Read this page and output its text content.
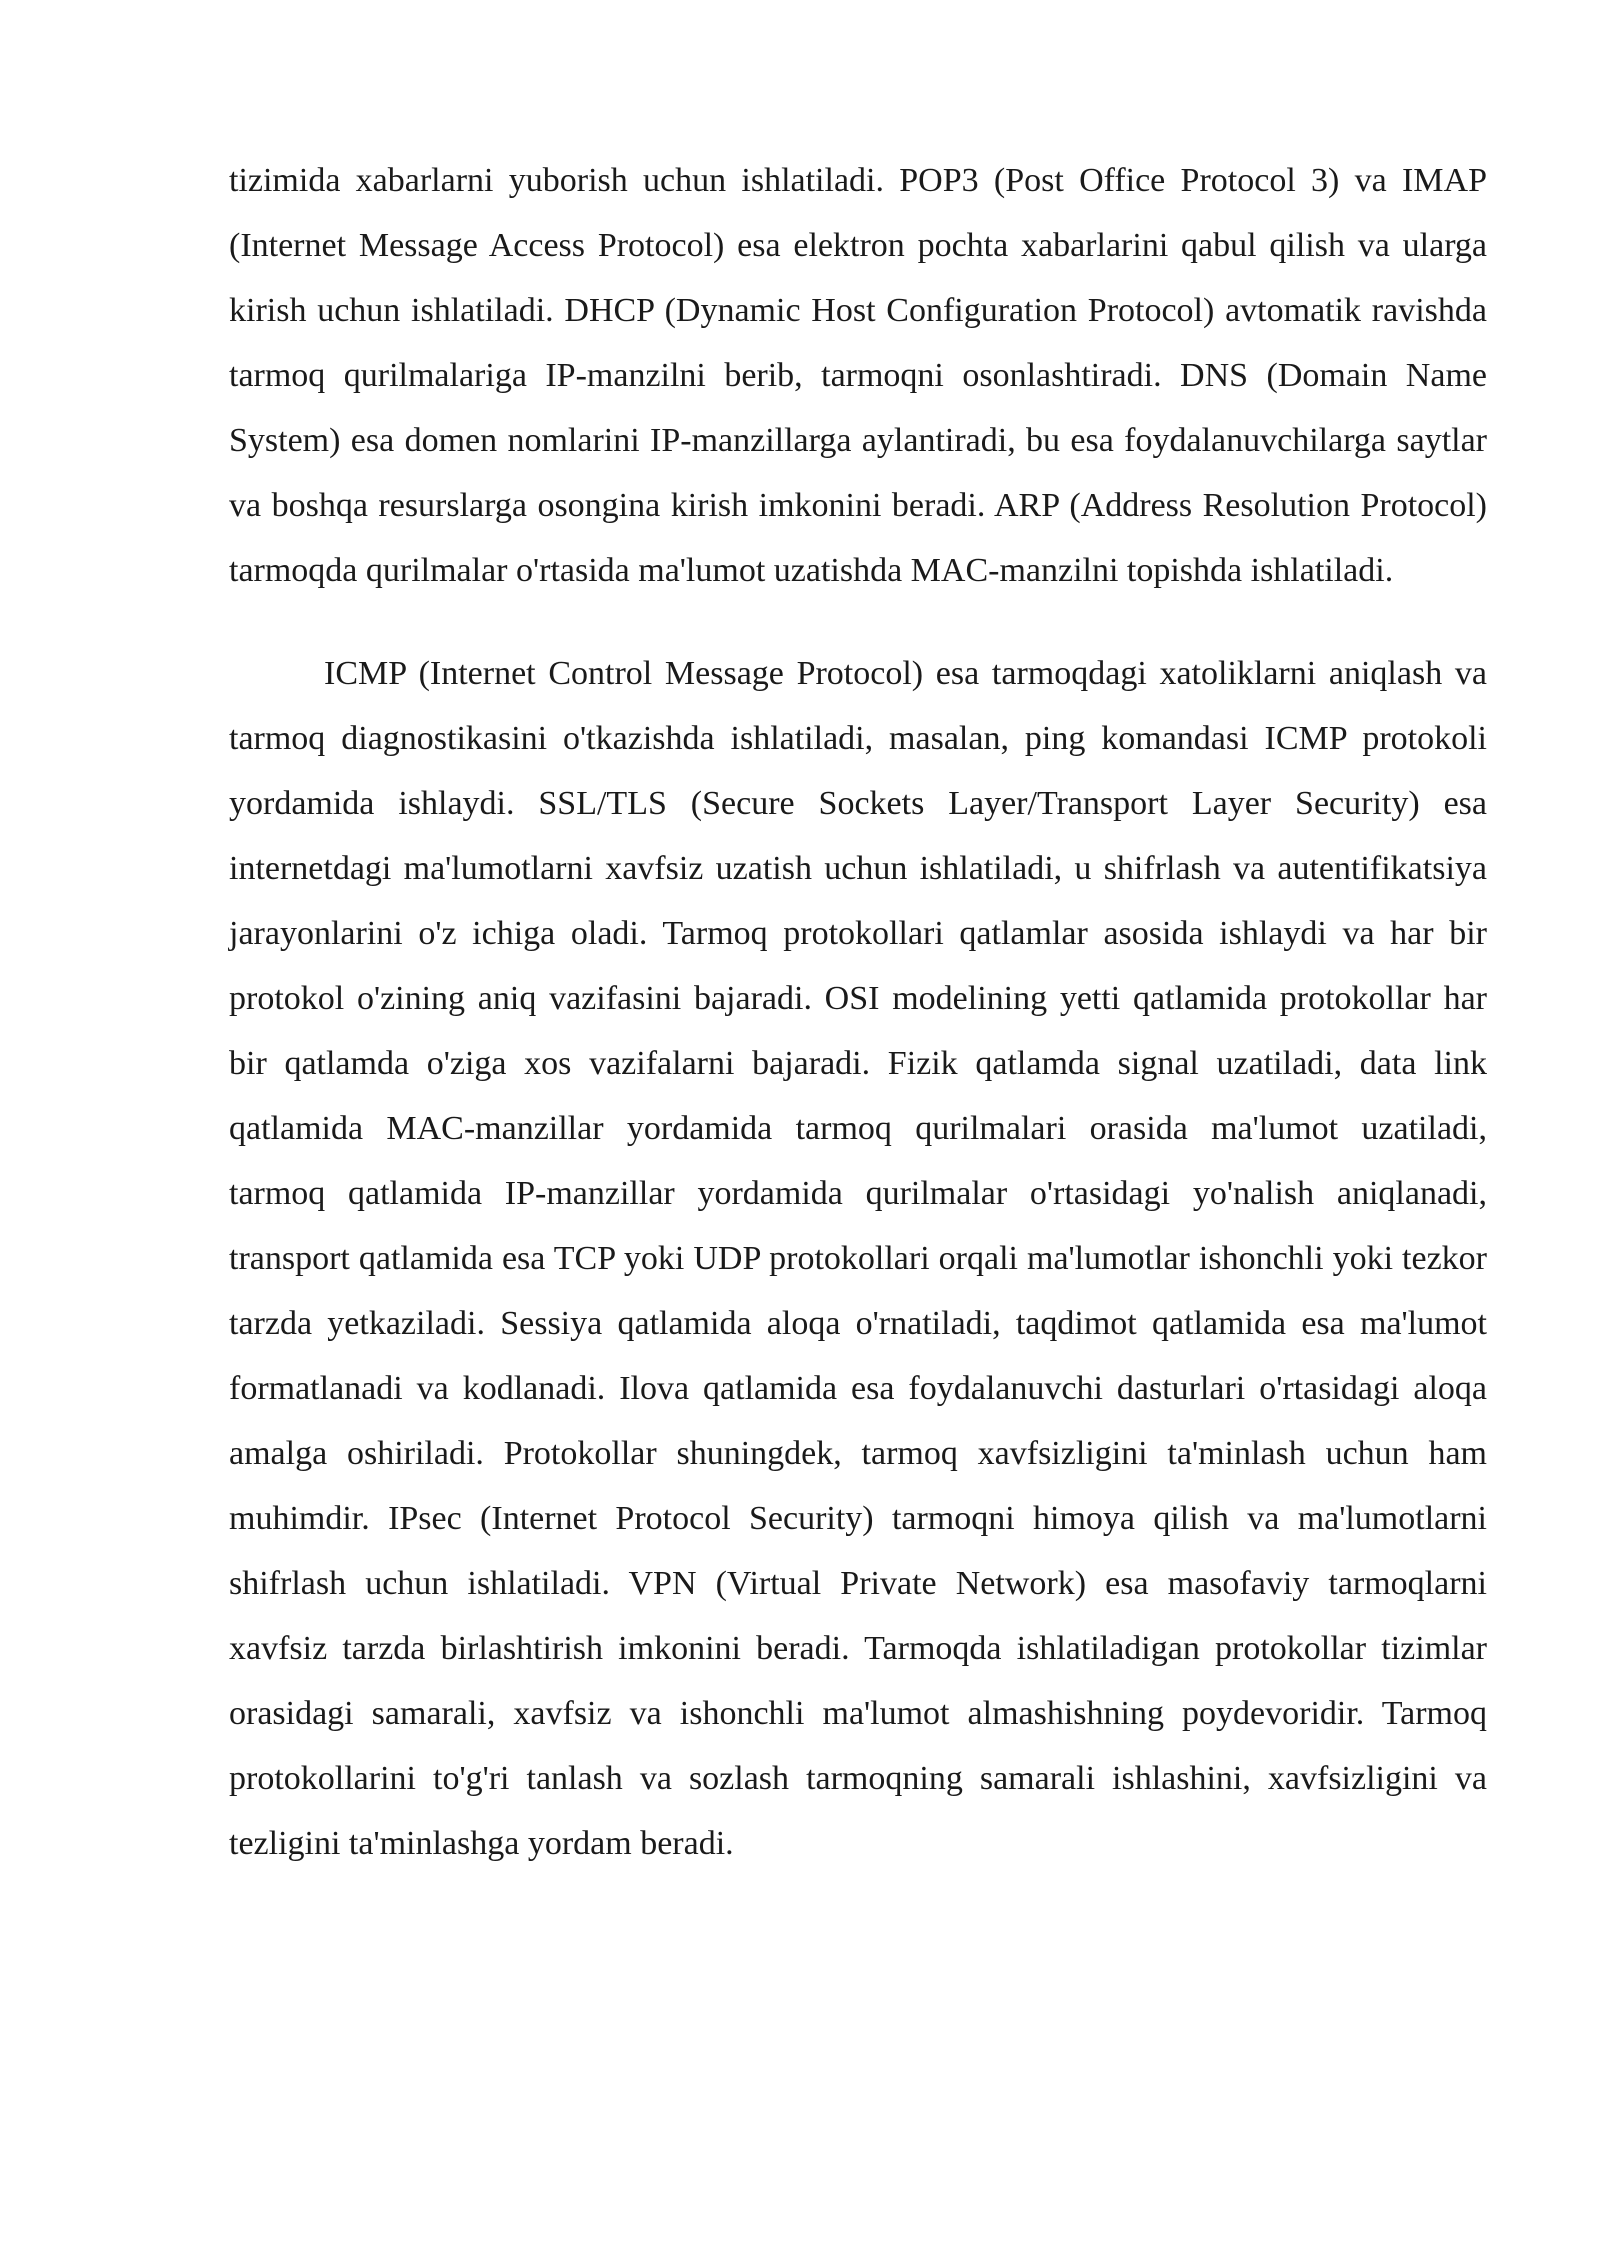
tizimida xabarlarni yuborish uchun ishlatiladi. POP3 (Post Office Protocol 3) va IMAP (Internet Message Access Protocol) esa elektron pochta xabarlarini qabul qilish va ularga kirish uchun ishlatiladi. DHCP (Dynamic Host Configuration Protocol) avtomatik ravishda tarmoq qurilmalariga IP-manzilni berib, tarmoqni osonlashtiradi. DNS (Domain Name System) esa domen nomlarini IP-manzillarga aylantiradi, bu esa foydalanuvchilarga saytlar va boshqa resurslarga osongina kirish imkonini beradi. ARP (Address Resolution Protocol) tarmoqda qurilmalar o'rtasida ma'lumot uzatishda MAC-manzilni topishda ishlatiladi.

ICMP (Internet Control Message Protocol) esa tarmoqdagi xatoliklarni aniqlash va tarmoq diagnostikasini o'tkazishda ishlatiladi, masalan, ping komandasi ICMP protokoli yordamida ishlaydi. SSL/TLS (Secure Sockets Layer/Transport Layer Security) esa internetdagi ma'lumotlarni xavfsiz uzatish uchun ishlatiladi, u shifrlash va autentifikatsiya jarayonlarini o'z ichiga oladi. Tarmoq protokollari qatlamlar asosida ishlaydi va har bir protokol o'zining aniq vazifasini bajaradi. OSI modelining yetti qatlamida protokollar har bir qatlamda o'ziga xos vazifalarni bajaradi. Fizik qatlamda signal uzatiladi, data link qatlamida MAC-manzillar yordamida tarmoq qurilmalari orasida ma'lumot uzatiladi, tarmoq qatlamida IP-manzillar yordamida qurilmalar o'rtasidagi yo'nalish aniqlanadi, transport qatlamida esa TCP yoki UDP protokollari orqali ma'lumotlar ishonchli yoki tezkor tarzda yetkaziladi. Sessiya qatlamida aloqa o'rnatiladi, taqdimot qatlamida esa ma'lumot formatlanadi va kodlanadi. Ilova qatlamida esa foydalanuvchi dasturlari o'rtasidagi aloqa amalga oshiriladi. Protokollar shuningdek, tarmoq xavfsizligini ta'minlash uchun ham muhimdir. IPsec (Internet Protocol Security) tarmoqni himoya qilish va ma'lumotlarni shifrlash uchun ishlatiladi. VPN (Virtual Private Network) esa masofaviy tarmoqlarni xavfsiz tarzda birlashtirish imkonini beradi. Tarmoqda ishlatiladigan protokollar tizimlar orasidagi samarali, xavfsiz va ishonchli ma'lumot almashishning poydevoridir. Tarmoq protokollarini to'g'ri tanlash va sozlash tarmoqning samarali ishlashini, xavfsizligini va tezligini ta'minlashga yordam beradi.
